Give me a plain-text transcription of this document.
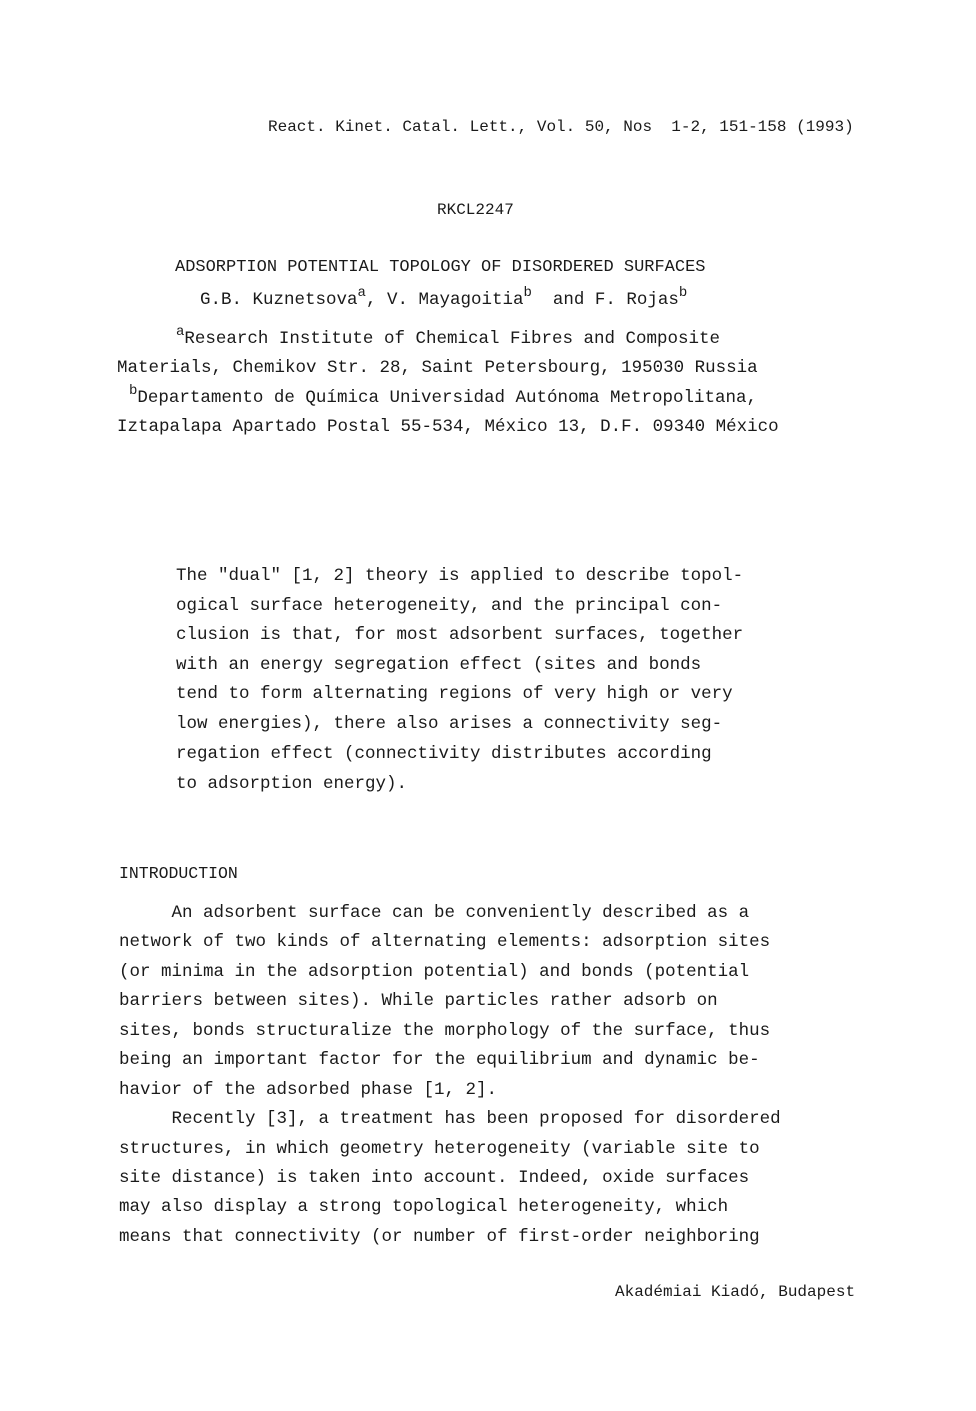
React. Kinet. Catal. Lett., Vol. 50, Nos  1-2, 151-158 (1993)
RKCL2247
ADSORPTION POTENTIAL TOPOLOGY OF DISORDERED SURFACES
G.B. Kuznetsova$^a$, V. Mayagoitia$^b$  and F. Rojas$^b$
$^a$Research Institute of Chemical Fibres and Composite
Materials, Chemikov Str. 28, Saint Petersbourg, 195030 Russia
$^b$Departamento de Química Universidad Autónoma Metropolitana,
Iztapalapa Apartado Postal 55-534, México 13, D.F. 09340 México
The "dual" [1, 2] theory is applied to describe topol-
ogical surface heterogeneity, and the principal con-
clusion is that, for most adsorbent surfaces, together
with an energy segregation effect (sites and bonds
tend to form alternating regions of very high or very
low energies), there also arises a connectivity seg-
regation effect (connectivity distributes according
to adsorption energy).
INTRODUCTION
An adsorbent surface can be conveniently described as a
network of two kinds of alternating elements: adsorption sites
(or minima in the adsorption potential) and bonds (potential
barriers between sites). While particles rather adsorb on
sites, bonds structuralize the morphology of the surface, thus
being an important factor for the equilibrium and dynamic be-
havior of the adsorbed phase [1, 2].
Recently [3], a treatment has been proposed for disordered
structures, in which geometry heterogeneity (variable site to
site distance) is taken into account. Indeed, oxide surfaces
may also display a strong topological heterogeneity, which
means that connectivity (or number of first-order neighboring
Akadémiai Kiadó, Budapest
